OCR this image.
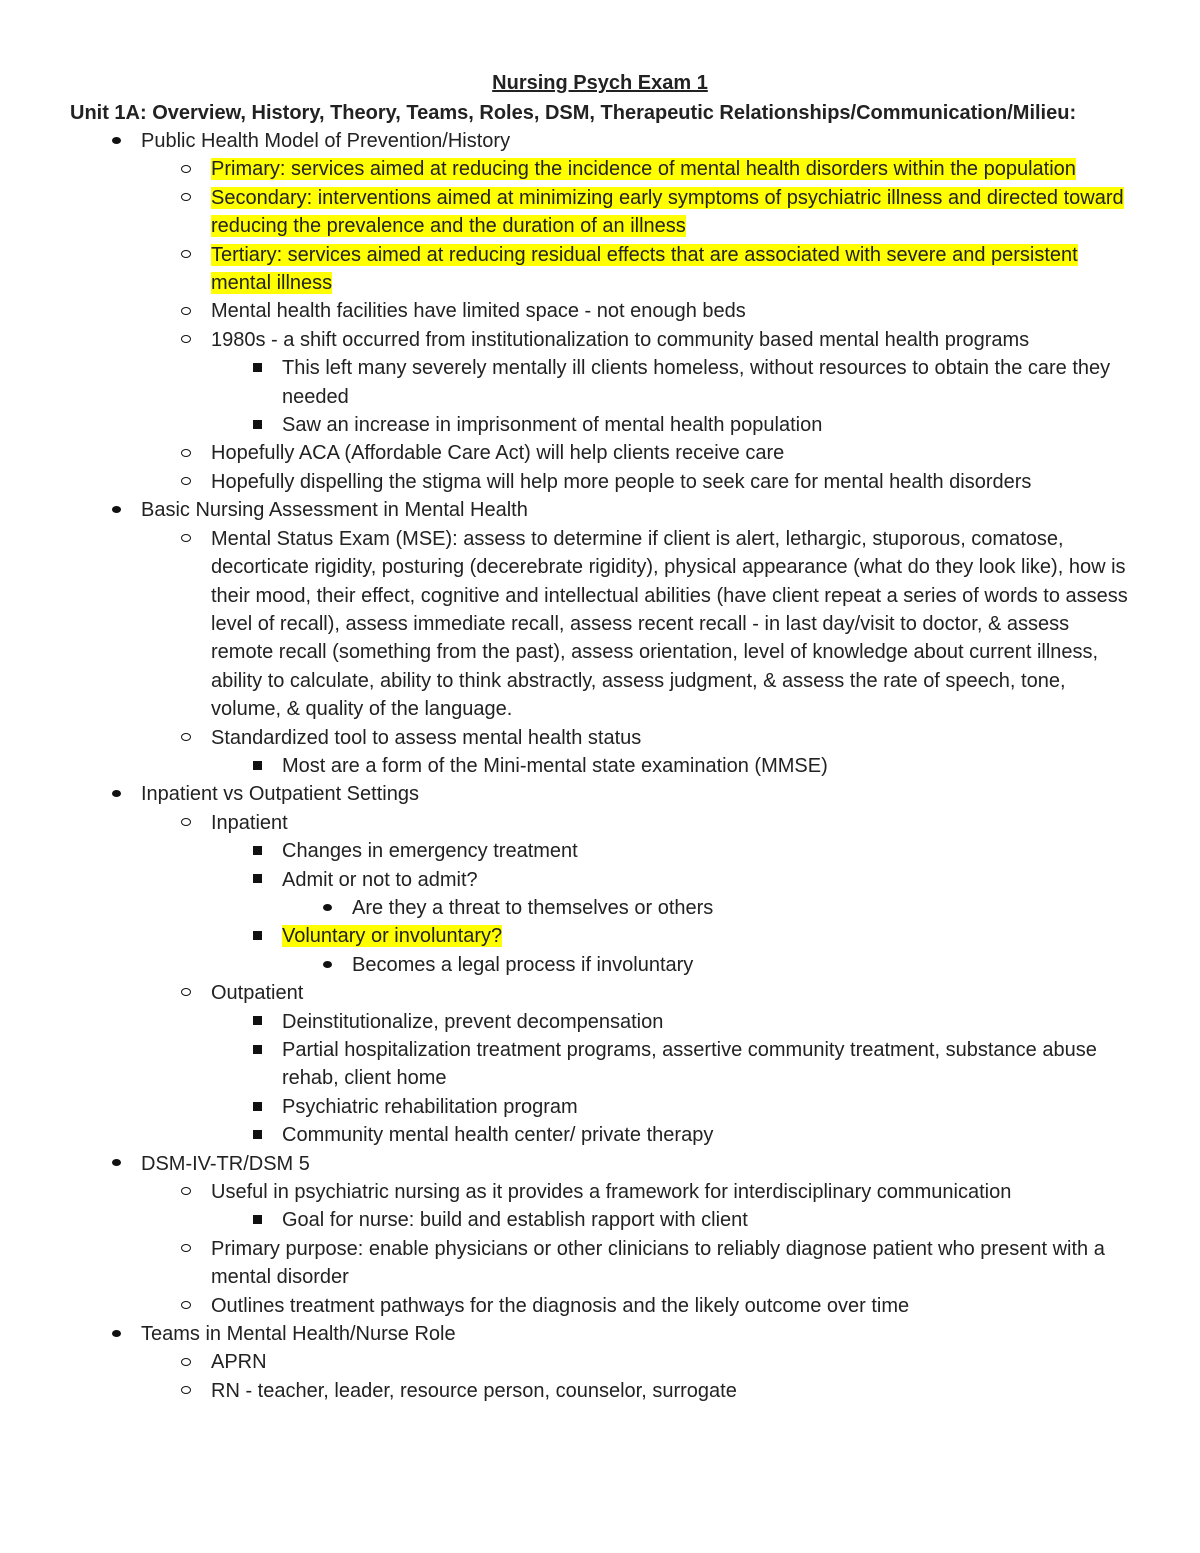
Nursing Psych Exam 1
Unit 1A: Overview, History, Theory, Teams, Roles, DSM, Therapeutic Relationships/Communication/Milieu:
Public Health Model of Prevention/History
Primary: services aimed at reducing the incidence of mental health disorders within the population
Secondary: interventions aimed at minimizing early symptoms of psychiatric illness and directed toward reducing the prevalence and the duration of an illness
Tertiary: services aimed at reducing residual effects that are associated with severe and persistent mental illness
Mental health facilities have limited space - not enough beds
1980s - a shift occurred from institutionalization to community based mental health programs
This left many severely mentally ill clients homeless, without resources to obtain the care they needed
Saw an increase in imprisonment of mental health population
Hopefully ACA (Affordable Care Act) will help clients receive care
Hopefully dispelling the stigma will help more people to seek care for mental health disorders
Basic Nursing Assessment in Mental Health
Mental Status Exam (MSE): assess to determine if client is alert, lethargic, stuporous, comatose, decorticate rigidity, posturing (decerebrate rigidity), physical appearance (what do they look like), how is their mood, their effect, cognitive and intellectual abilities (have client repeat a series of words to assess level of recall), assess immediate recall, assess recent recall - in last day/visit to doctor, & assess remote recall (something from the past), assess orientation, level of knowledge about current illness, ability to calculate, ability to think abstractly, assess judgment, & assess the rate of speech, tone, volume, & quality of the language.
Standardized tool to assess mental health status
Most are a form of the Mini-mental state examination (MMSE)
Inpatient vs Outpatient Settings
Inpatient
Changes in emergency treatment
Admit or not to admit?
Are they a threat to themselves or others
Voluntary or involuntary?
Becomes a legal process if involuntary
Outpatient
Deinstitutionalize, prevent decompensation
Partial hospitalization treatment programs, assertive community treatment, substance abuse rehab, client home
Psychiatric rehabilitation program
Community mental health center/ private therapy
DSM-IV-TR/DSM 5
Useful in psychiatric nursing as it provides a framework for interdisciplinary communication
Goal for nurse: build and establish rapport with client
Primary purpose: enable physicians or other clinicians to reliably diagnose patient who present with a mental disorder
Outlines treatment pathways for the diagnosis and the likely outcome over time
Teams in Mental Health/Nurse Role
APRN
RN - teacher, leader, resource person, counselor, surrogate
